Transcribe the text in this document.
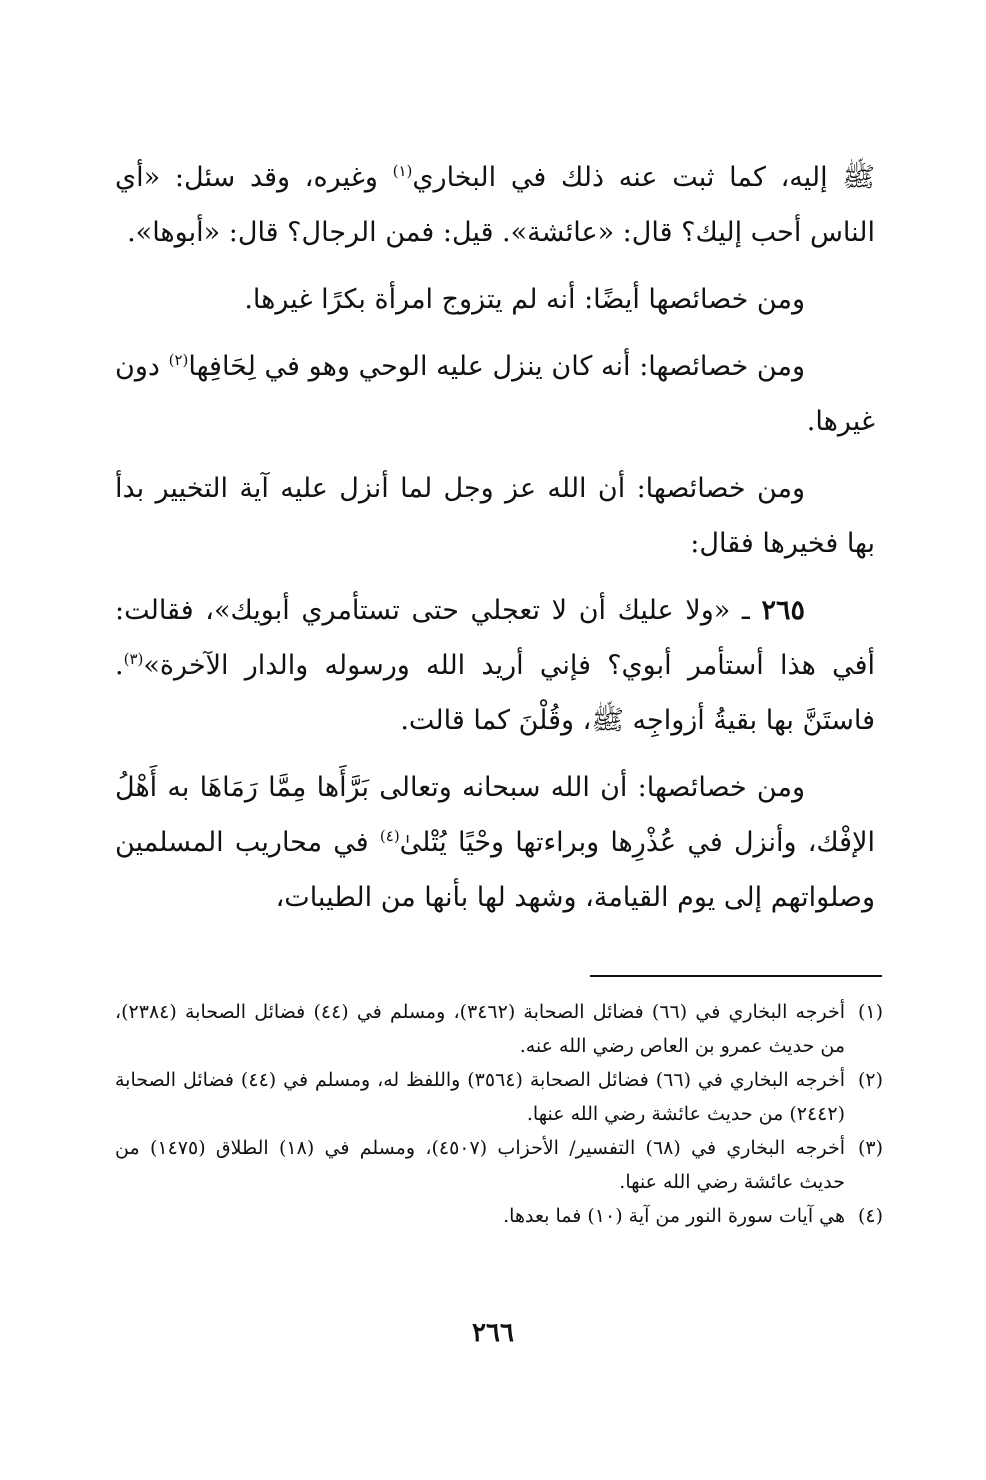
ﷺ إليه، كما ثبت عنه ذلك في البخاري$^{(١)}$ وغيره، وقد سئل: «أي الناس أحب إليك؟ قال: «عائشة». قيل: فمن الرجال؟ قال: «أبوها».

ومن خصائصها أيضًا: أنه لم يتزوج امرأة بكرًا غيرها.

ومن خصائصها: أنه كان ينزل عليه الوحي وهو في لِحَافِها$^{(٢)}$ دون غيرها.

ومن خصائصها: أن الله عز وجل لما أنزل عليه آية التخيير بدأ بها فخيرها فقال:

٢٦٥ ـ «ولا عليك أن لا تعجلي حتى تستأمري أبويك»، فقالت: أفي هذا أستأمر أبوي؟ فإني أريد الله ورسوله والدار الآخرة»$^{(٣)}$. فاستَنَّ بها بقيةُ أزواجِه ﷺ، وقُلْنَ كما قالت.

ومن خصائصها: أن الله سبحانه وتعالى بَرَّأَها مِمَّا رَمَاهَا به أَهْلُ الإفْك، وأنزل في عُذْرِها وبراءتها وحْيًا يُتْلىٰ$^{(٤)}$ في محاريب المسلمين وصلواتهم إلى يوم القيامة، وشهد لها بأنها من الطيبات،

(١)
أخرجه البخاري في (٦٦) فضائل الصحابة (٣٤٦٢)، ومسلم في (٤٤) فضائل الصحابة (٢٣٨٤)، من حديث عمرو بن العاص رضي الله عنه.
(٢)
أخرجه البخاري في (٦٦) فضائل الصحابة (٣٥٦٤) واللفظ له، ومسلم في (٤٤) فضائل الصحابة (٢٤٤٢) من حديث عائشة رضي الله عنها.
(٣)
أخرجه البخاري في (٦٨) التفسير/ الأحزاب (٤٥٠٧)، ومسلم في (١٨) الطلاق (١٤٧٥) من حديث عائشة رضي الله عنها.
(٤)
هي آيات سورة النور من آية (١٠) فما بعدها.
٢٦٦
